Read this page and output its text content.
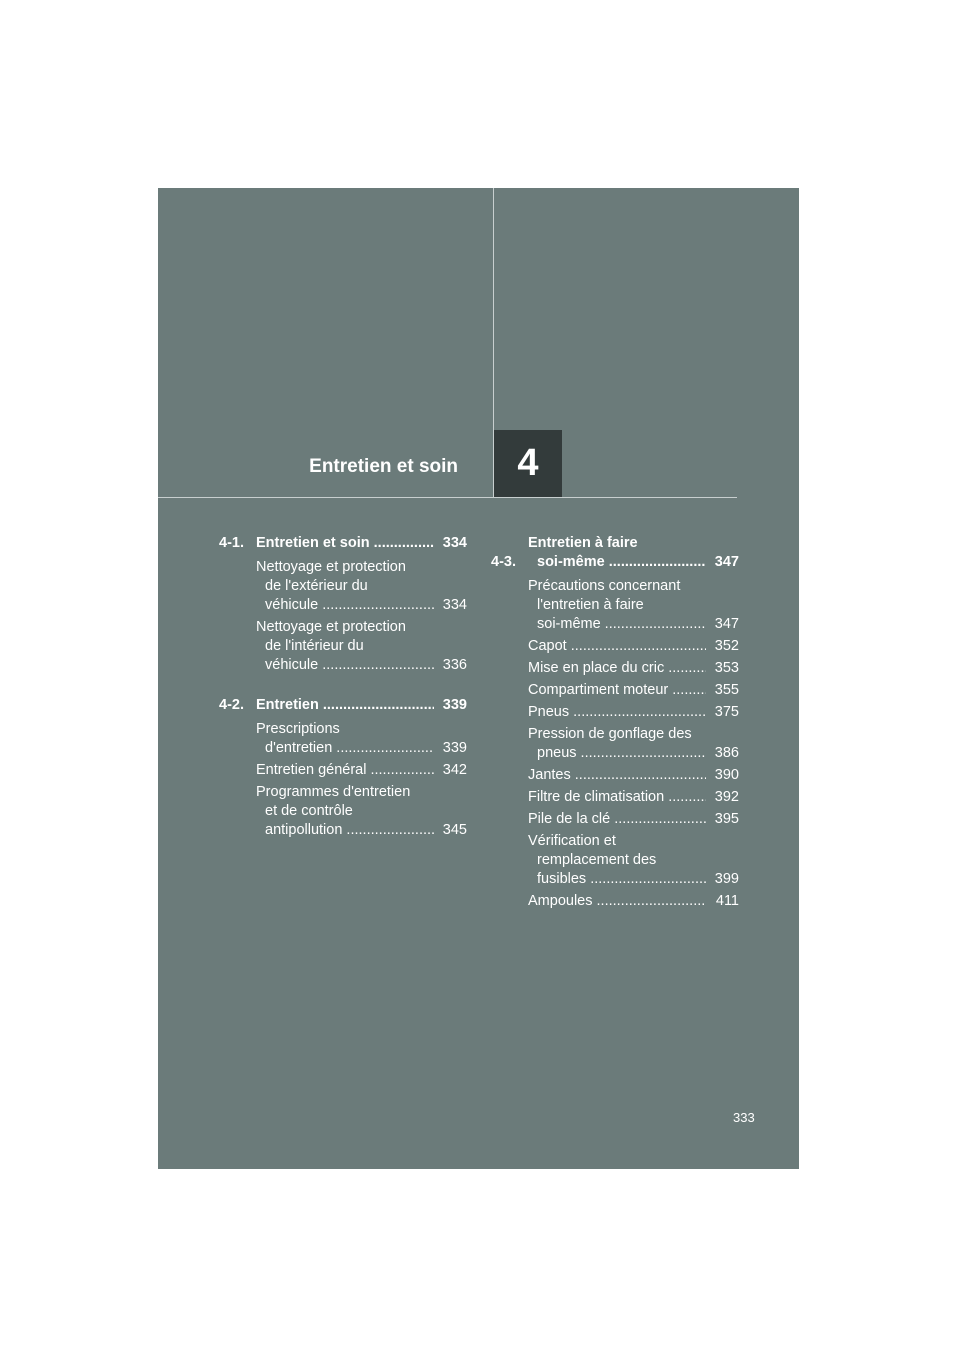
Entretien et soin	4
4-1. Entretien et soin .....	334
Nettoyage et protection
de l'extérieur du
véhicule .....	334
Nettoyage et protection
de l'intérieur du
véhicule .....	336
4-2. Entretien .....	339
Prescriptions
d'entretien .....	339
Entretien général .....	342
Programmes d'entretien
et de contrôle
antipollution .....	345
4-3.
Entretien à faire
soi-même .....	347
Précautions concernant
l'entretien à faire
soi-même .....	347
Capot .....	352
Mise en place du cric .....	353
Compartiment moteur .....	355
Pneus .....	375
Pression de gonflage des
pneus .....	386
Jantes .....	390
Filtre de climatisation .....	392
Pile de la clé .....	395
Vérification et
remplacement des
fusibles .....	399
Ampoules .....	411
333
